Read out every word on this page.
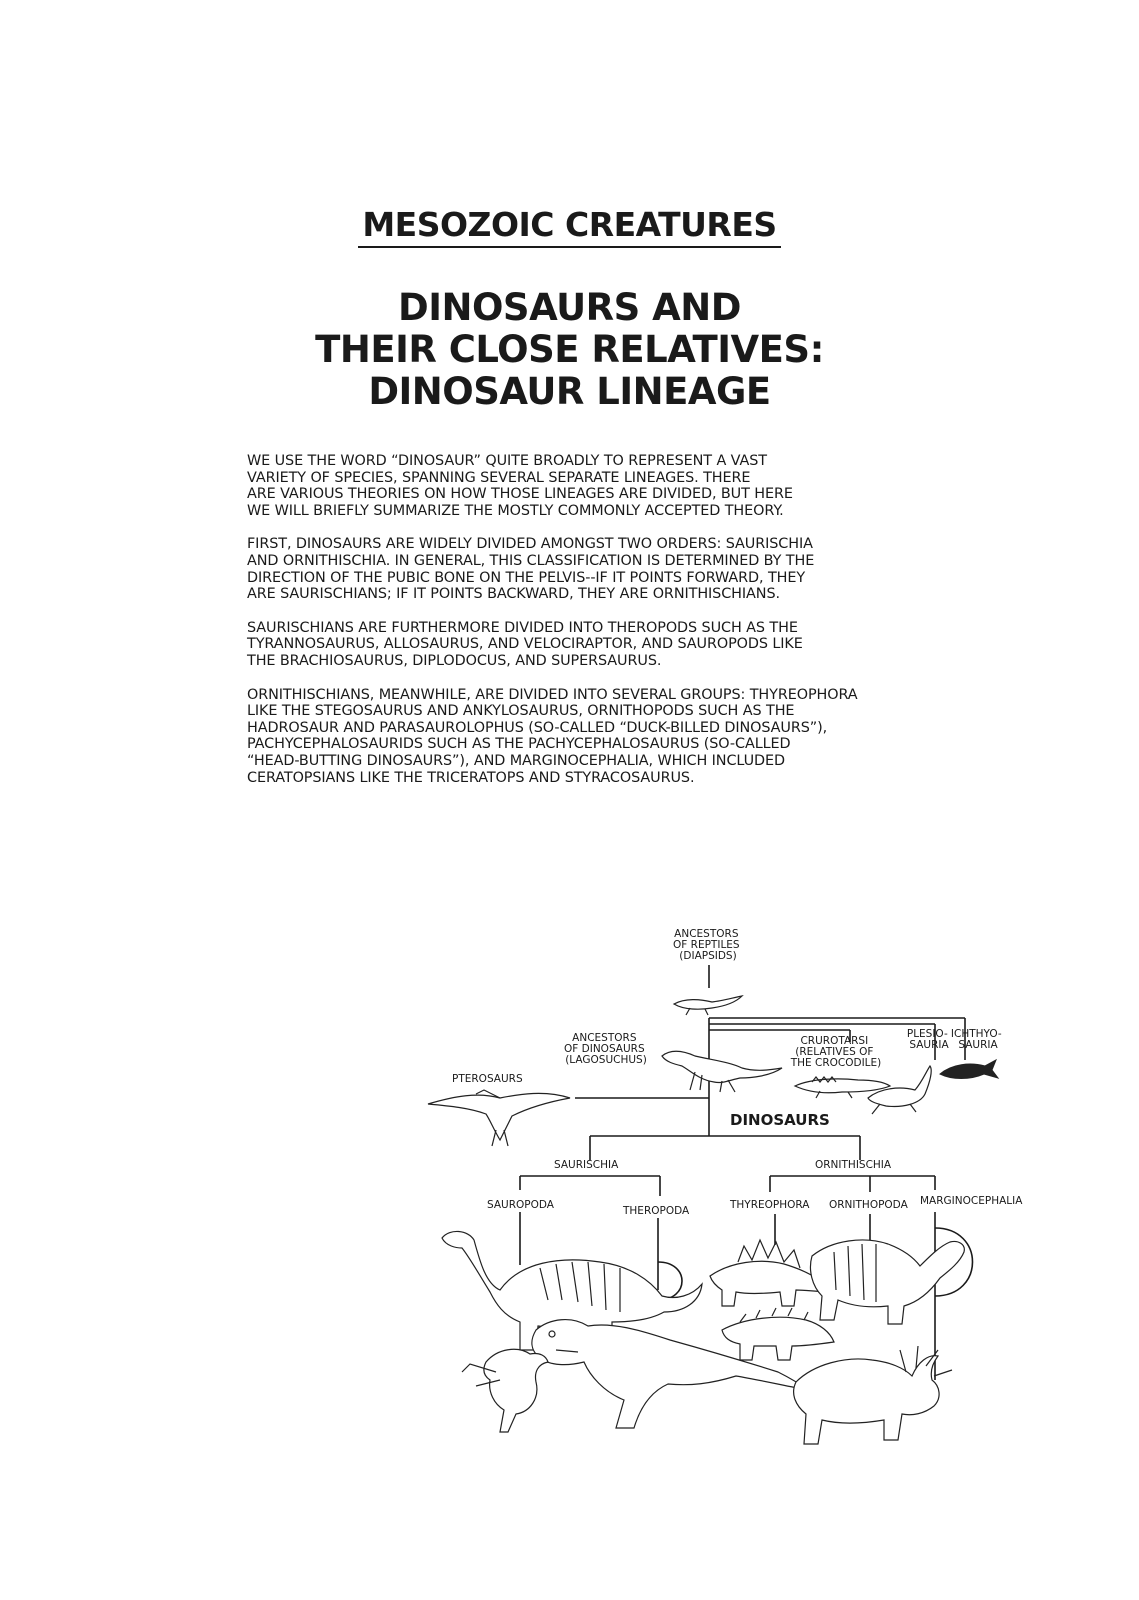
MESOZOIC CREATURES
DINOSAURS AND
THEIR CLOSE RELATIVES:
DINOSAUR LINEAGE
WE USE THE WORD “DINOSAUR” QUITE BROADLY TO REPRESENT A VAST
VARIETY OF SPECIES, SPANNING SEVERAL SEPARATE LINEAGES. THERE
ARE VARIOUS THEORIES ON HOW THOSE LINEAGES ARE DIVIDED, BUT HERE
WE WILL BRIEFLY SUMMARIZE THE MOSTLY COMMONLY ACCEPTED THEORY.
FIRST, DINOSAURS ARE WIDELY DIVIDED AMONGST TWO ORDERS: SAURISCHIA
AND ORNITHISCHIA. IN GENERAL, THIS CLASSIFICATION IS DETERMINED BY THE
DIRECTION OF THE PUBIC BONE ON THE PELVIS--IF IT POINTS FORWARD, THEY
ARE SAURISCHIANS; IF IT POINTS BACKWARD, THEY ARE ORNITHISCHIANS.
SAURISCHIANS ARE FURTHERMORE DIVIDED INTO THEROPODS SUCH AS THE
TYRANNOSAURUS, ALLOSAURUS, AND VELOCIRAPTOR, AND SAUROPODS LIKE
THE BRACHIOSAURUS, DIPLODOCUS, AND SUPERSAURUS.
ORNITHISCHIANS, MEANWHILE, ARE DIVIDED INTO SEVERAL GROUPS: THYREOPHORA
LIKE THE STEGOSAURUS AND ANKYLOSAURUS, ORNITHOPODS SUCH AS THE
HADROSAUR AND PARASAUROLOPHUS (SO-CALLED “DUCK-BILLED DINOSAURS”),
PACHYCEPHALOSAURIDS SUCH AS THE PACHYCEPHALOSAURUS (SO-CALLED
“HEAD-BUTTING DINOSAURS”), AND MARGINOCEPHALIA, WHICH INCLUDED
CERATOPSIANS LIKE THE TRICERATOPS AND STYRACOSAURUS.
ANCESTORS OF REPTILES (DIAPSIDS)
ANCESTORS OF DINOSAURS (LAGOSUCHUS)
CRUROTARSI (RELATIVES OF THE CROCODILE)
PLESIO- SAURIA
ICHTHYO- SAURIA
PTEROSAURS
DINOSAURS
SAURISCHIA	ORNITHISCHIA
SAUROPODA	THEROPODA	THYREOPHORA ORNITHOPODA MARGINOCEPHALIA
